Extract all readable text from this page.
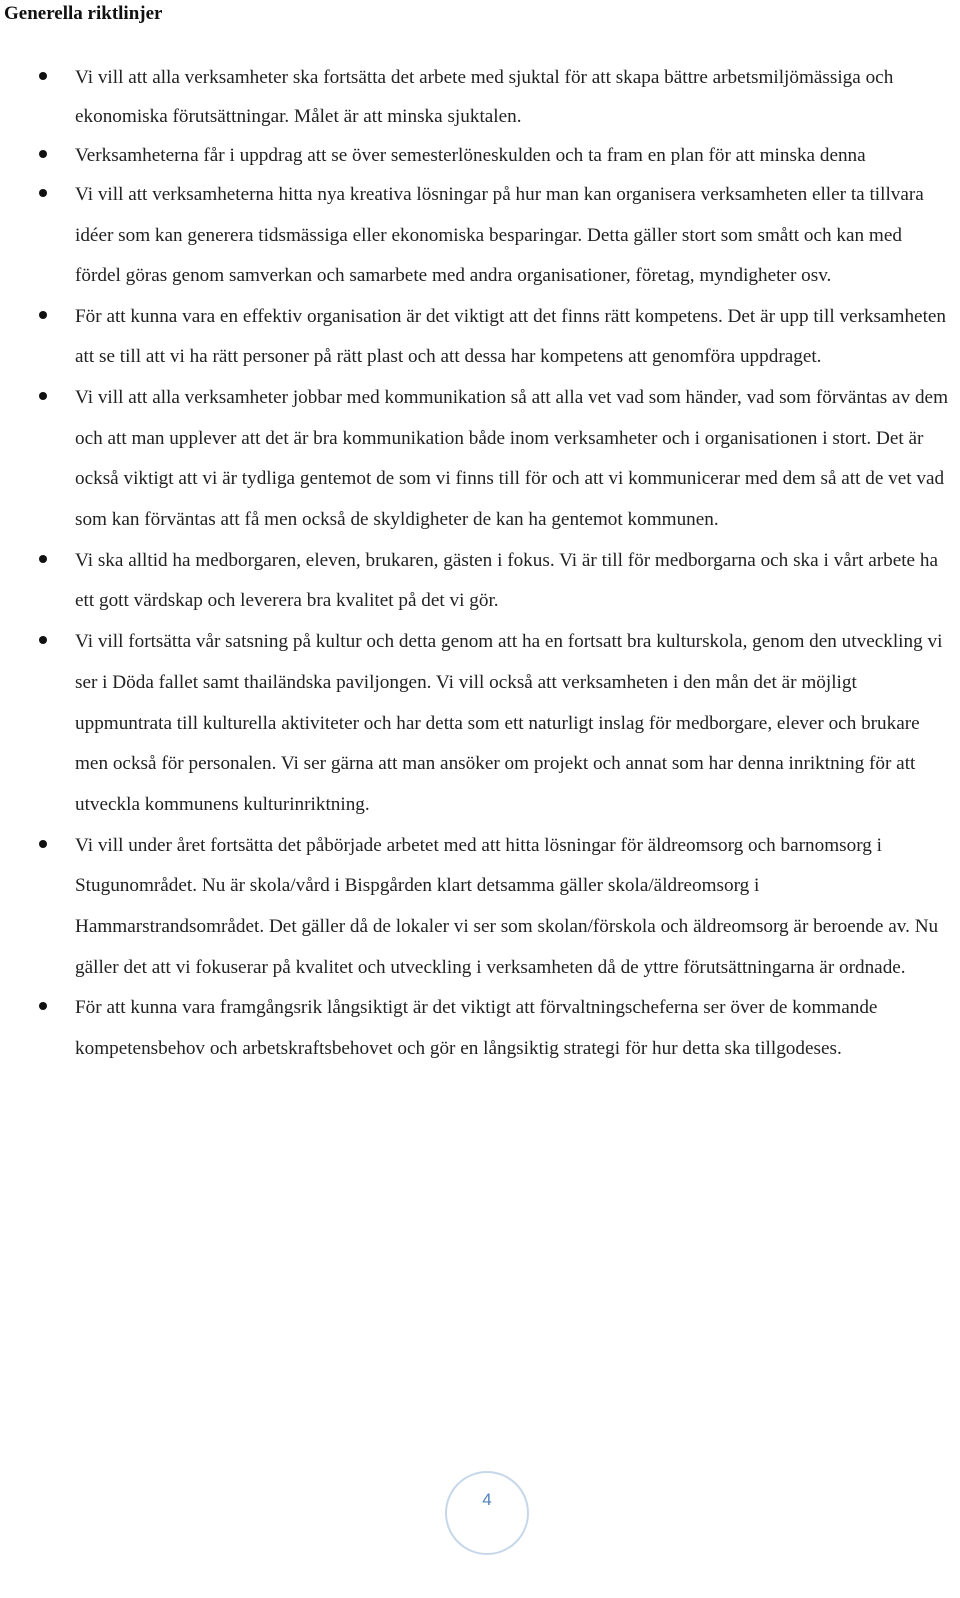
Generella riktlinjer

Vi vill att alla verksamheter ska fortsätta det arbete med sjuktal för att skapa bättre arbetsmiljömässiga och ekonomiska förutsättningar. Målet är att minska sjuktalen.

Verksamheterna får i uppdrag att se över semesterlöneskulden och ta fram en plan för att minska denna

Vi vill att verksamheterna hitta nya kreativa lösningar på hur man kan organisera verksamheten eller ta tillvara idéer som kan generera tidsmässiga eller ekonomiska besparingar. Detta gäller stort som smått och kan med fördel göras genom samverkan och samarbete med andra organisationer, företag, myndigheter osv.

För att kunna vara en effektiv organisation är det viktigt att det finns rätt kompetens. Det är upp till verksamheten att se till att vi ha rätt personer på rätt plast och att dessa har kompetens att genomföra uppdraget.

Vi vill att alla verksamheter jobbar med kommunikation så att alla vet vad som händer, vad som förväntas av dem och att man upplever att det är bra kommunikation både inom verksamheter och i organisationen i stort. Det är också viktigt att vi är tydliga gentemot de som vi finns till för och att vi kommunicerar med dem så att de vet vad som kan förväntas att få men också de skyldigheter de kan ha gentemot kommunen.

Vi ska alltid ha medborgaren, eleven, brukaren, gästen i fokus. Vi är till för medborgarna och ska i vårt arbete ha ett gott värdskap och leverera bra kvalitet på det vi gör.

Vi vill fortsätta vår satsning på kultur och detta genom att ha en fortsatt bra kulturskola, genom den utveckling vi ser i Döda fallet samt thailändska paviljongen. Vi vill också att verksamheten i den mån det är möjligt uppmuntrata till kulturella aktiviteter och har detta som ett naturligt inslag för medborgare, elever och brukare men också för personalen. Vi ser gärna att man ansöker om projekt och annat som har denna inriktning för att utveckla kommunens kulturinriktning.

Vi vill under året fortsätta det påbörjade arbetet med att hitta lösningar för äldreomsorg och barnomsorg i Stugunområdet. Nu är skola/vård i Bispgården klart detsamma gäller skola/äldreomsorg i Hammarstrandsområdet. Det gäller då de lokaler vi ser som skolan/förskola och äldreomsorg är beroende av. Nu gäller det att vi fokuserar på kvalitet och utveckling i verksamheten då de yttre förutsättningarna är ordnade.

För att kunna vara framgångsrik långsiktigt är det viktigt att förvaltningscheferna ser över de kommande kompetensbehov och arbetskraftsbehovet och gör en långsiktig strategi för hur detta ska tillgodeses.

4
